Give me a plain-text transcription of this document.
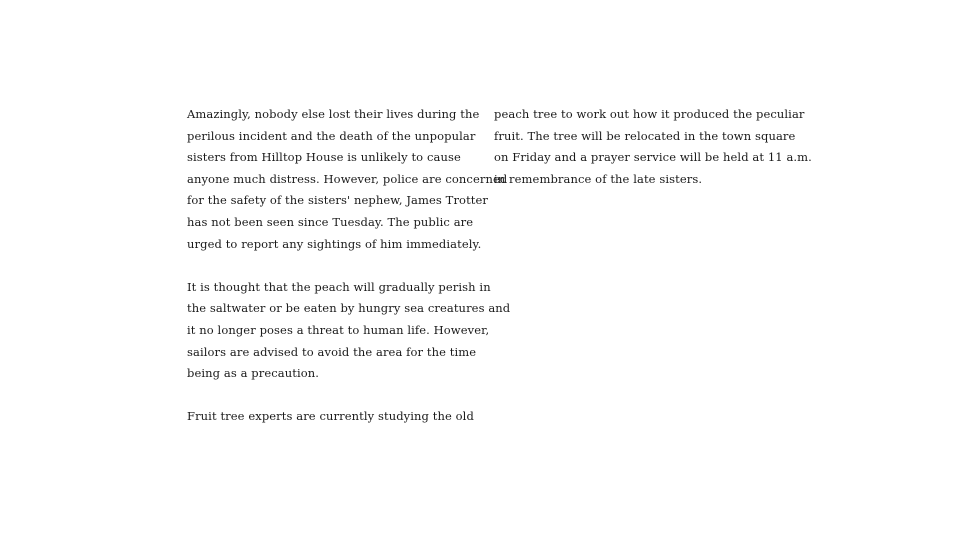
Amazingly, nobody else lost their lives during the
perilous incident and the death of the unpopular
sisters from Hilltop House is unlikely to cause
anyone much distress. However, police are concerned
for the safety of the sisters' nephew, James Trotter
has not been seen since Tuesday. The public are
urged to report any sightings of him immediately.
It is thought that the peach will gradually perish in
the saltwater or be eaten by hungry sea creatures and
it no longer poses a threat to human life. However,
sailors are advised to avoid the area for the time
being as a precaution.
Fruit tree experts are currently studying the old
peach tree to work out how it produced the peculiar
fruit. The tree will be relocated in the town square
on Friday and a prayer service will be held at 11 a.m.
in remembrance of the late sisters.
